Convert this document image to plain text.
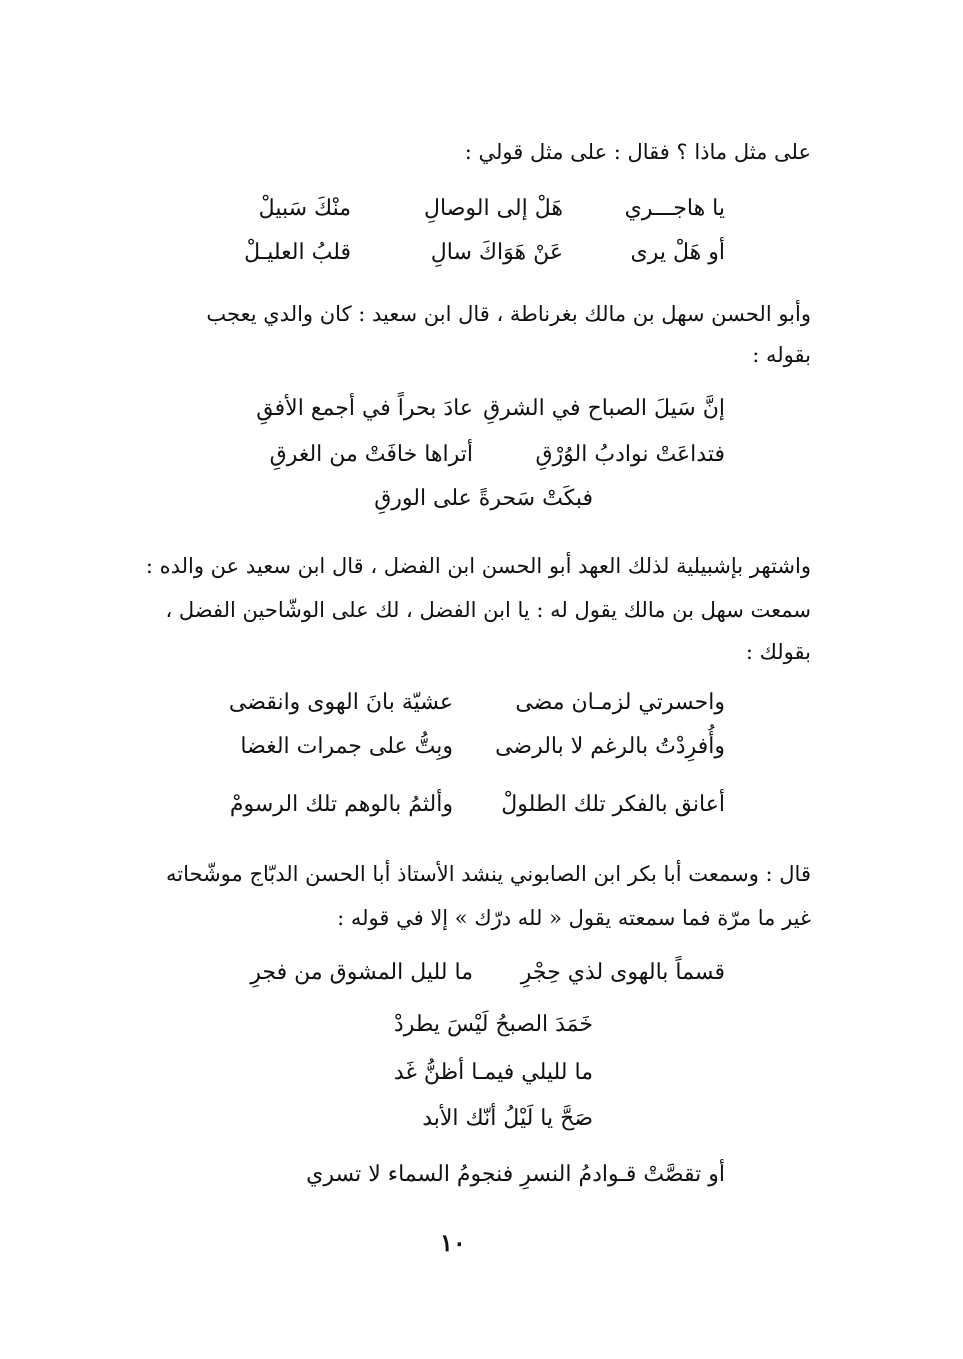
على مثل ماذا ؟ فقال : على مثل قولي :
يا هاجـــري
هَلْ إلى الوصالِ
منْكَ سَبيلْ
أو هَلْ يرى
عَنْ هَوَاكَ سالِ
قلبُ العليـلْ
وأبو الحسن سهل بن مالك بغرناطة ، قال ابن سعيد : كان والدي يعجب
بقوله :
إنَّ سَيلَ الصباح في الشرقِ
عادَ بحراً في أجمع الأفقِ
فتداعَتْ نوادبُ الوُرْقِ
أتراها خافَتْ من الغرقِ
فبكَتْ سَحرةً على الورقِ
واشتهر بإشبيلية لذلك العهد أبو الحسن ابن الفضل ، قال ابن سعيد عن والده :
سمعت سهل بن مالك يقول له : يا ابن الفضل ، لك على الوشّاحين الفضل ،
بقولك :
واحسرتي لزمـان مضى
عشيّة بانَ الهوى وانقضى
وأُفرِدْتُ بالرغم لا بالرضى
وبِتُّ على جمرات الغضا
أعانق بالفكر تلك الطلولْ
وألثمُ بالوهم تلك الرسومْ
قال : وسمعت أبا بكر ابن الصابوني ينشد الأستاذ أبا الحسن الدبّاج موشّحاته
غير ما مرّة فما سمعته يقول « لله درّك » إلا في قوله :
قسماً بالهوى لذي حِجْرِ
ما لليل المشوق من فجرِ
خَمَدَ الصبحُ لَيْسَ يطردْ
ما لليلي فيمـا أظنُّ غَد
صَحَّ يا لَيْلُ أنّك الأبد
أو تقصَّتْ قـوادمُ النسرِ فنجومُ السماء لا تسري
١٠
